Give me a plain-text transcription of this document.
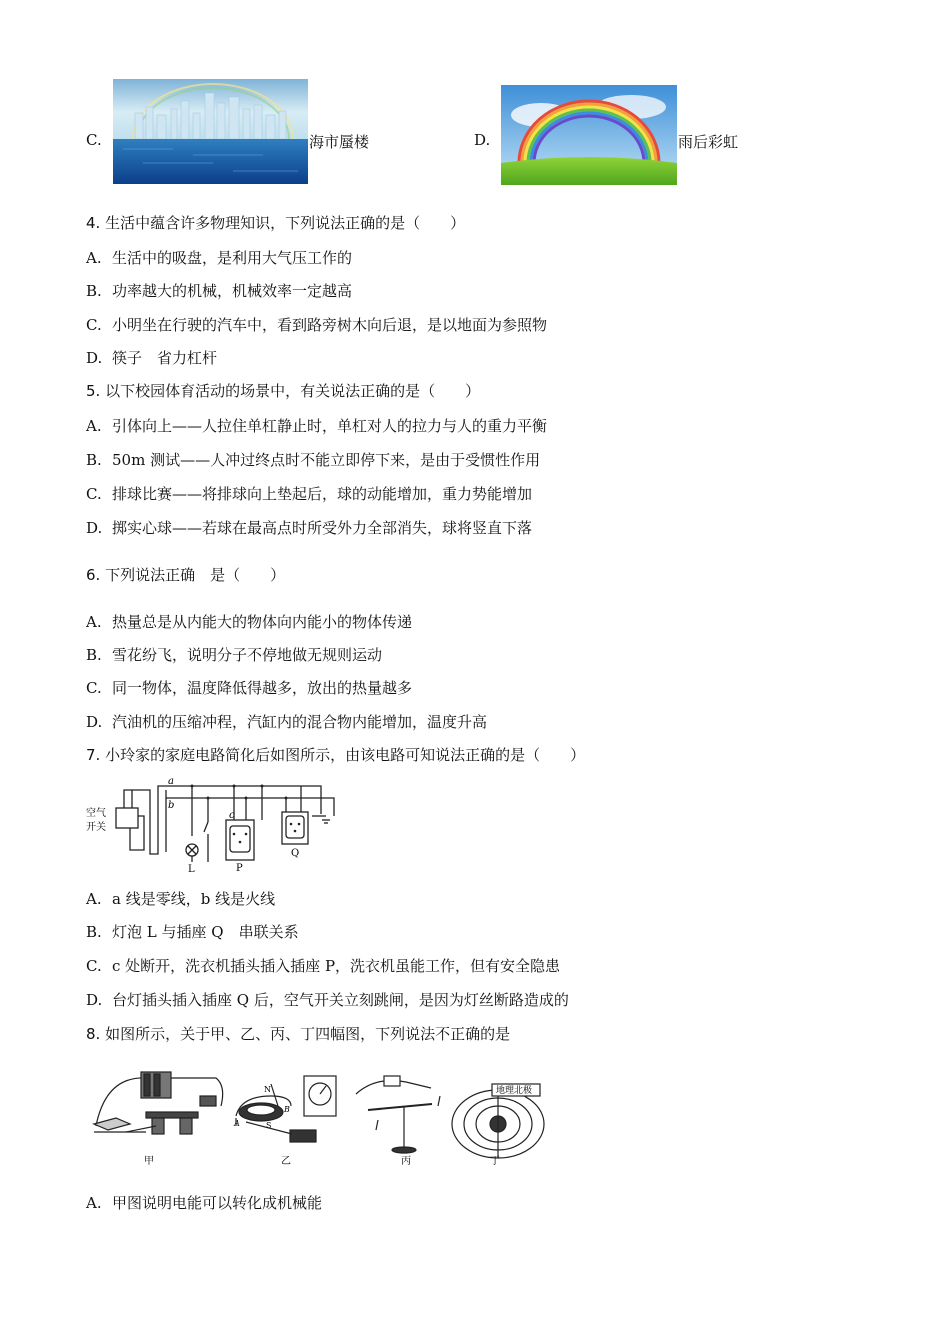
C.	海市蜃楼	D.	雨后彩虹
4. 生活中蕴含许多物理知识，下列说法正确的是（　　）
A. 生活中的吸盘，是利用大气压工作的
B. 功率越大的机械，机械效率一定越高
C. 小明坐在行驶的汽车中，看到路旁树木向后退，是以地面为参照物
D. 筷子　省力杠杆
5. 以下校园体育活动的场景中，有关说法正确的是（　　）
A. 引体向上——人拉住单杠静止时，单杠对人的拉力与人的重力平衡
B. 50m 测试——人冲过终点时不能立即停下来，是由于受惯性作用
C. 排球比赛——将排球向上垫起后，球的动能增加，重力势能增加
D. 掷实心球——若球在最高点时所受外力全部消失，球将竖直下落
6. 下列说法正确　是（　　）
A. 热量总是从内能大的物体向内能小的物体传递
B. 雪花纷飞，说明分子不停地做无规则运动
C. 同一物体，温度降低得越多，放出的热量越多
D. 汽油机的压缩冲程，汽缸内的混合物内能增加，温度升高
7. 小玲家的家庭电路简化后如图所示，由该电路可知说法正确的是（　　）
空气
开关
a
b
c
L	P
Q
A. a 线是零线，b 线是火线
B. 灯泡 L 与插座 Q　串联关系
C. c 处断开，洗衣机插头插入插座 P，洗衣机虽能工作，但有安全隐患
D. 台灯插头插入插座 Q 后，空气开关立刻跳闸，是因为灯丝断路造成的
8. 如图所示，关于甲、乙、丙、丁四幅图，下列说法不正确的是
地理北极
N
S
A
B
甲	乙	丙	丁
A. 甲图说明电能可以转化成机械能
